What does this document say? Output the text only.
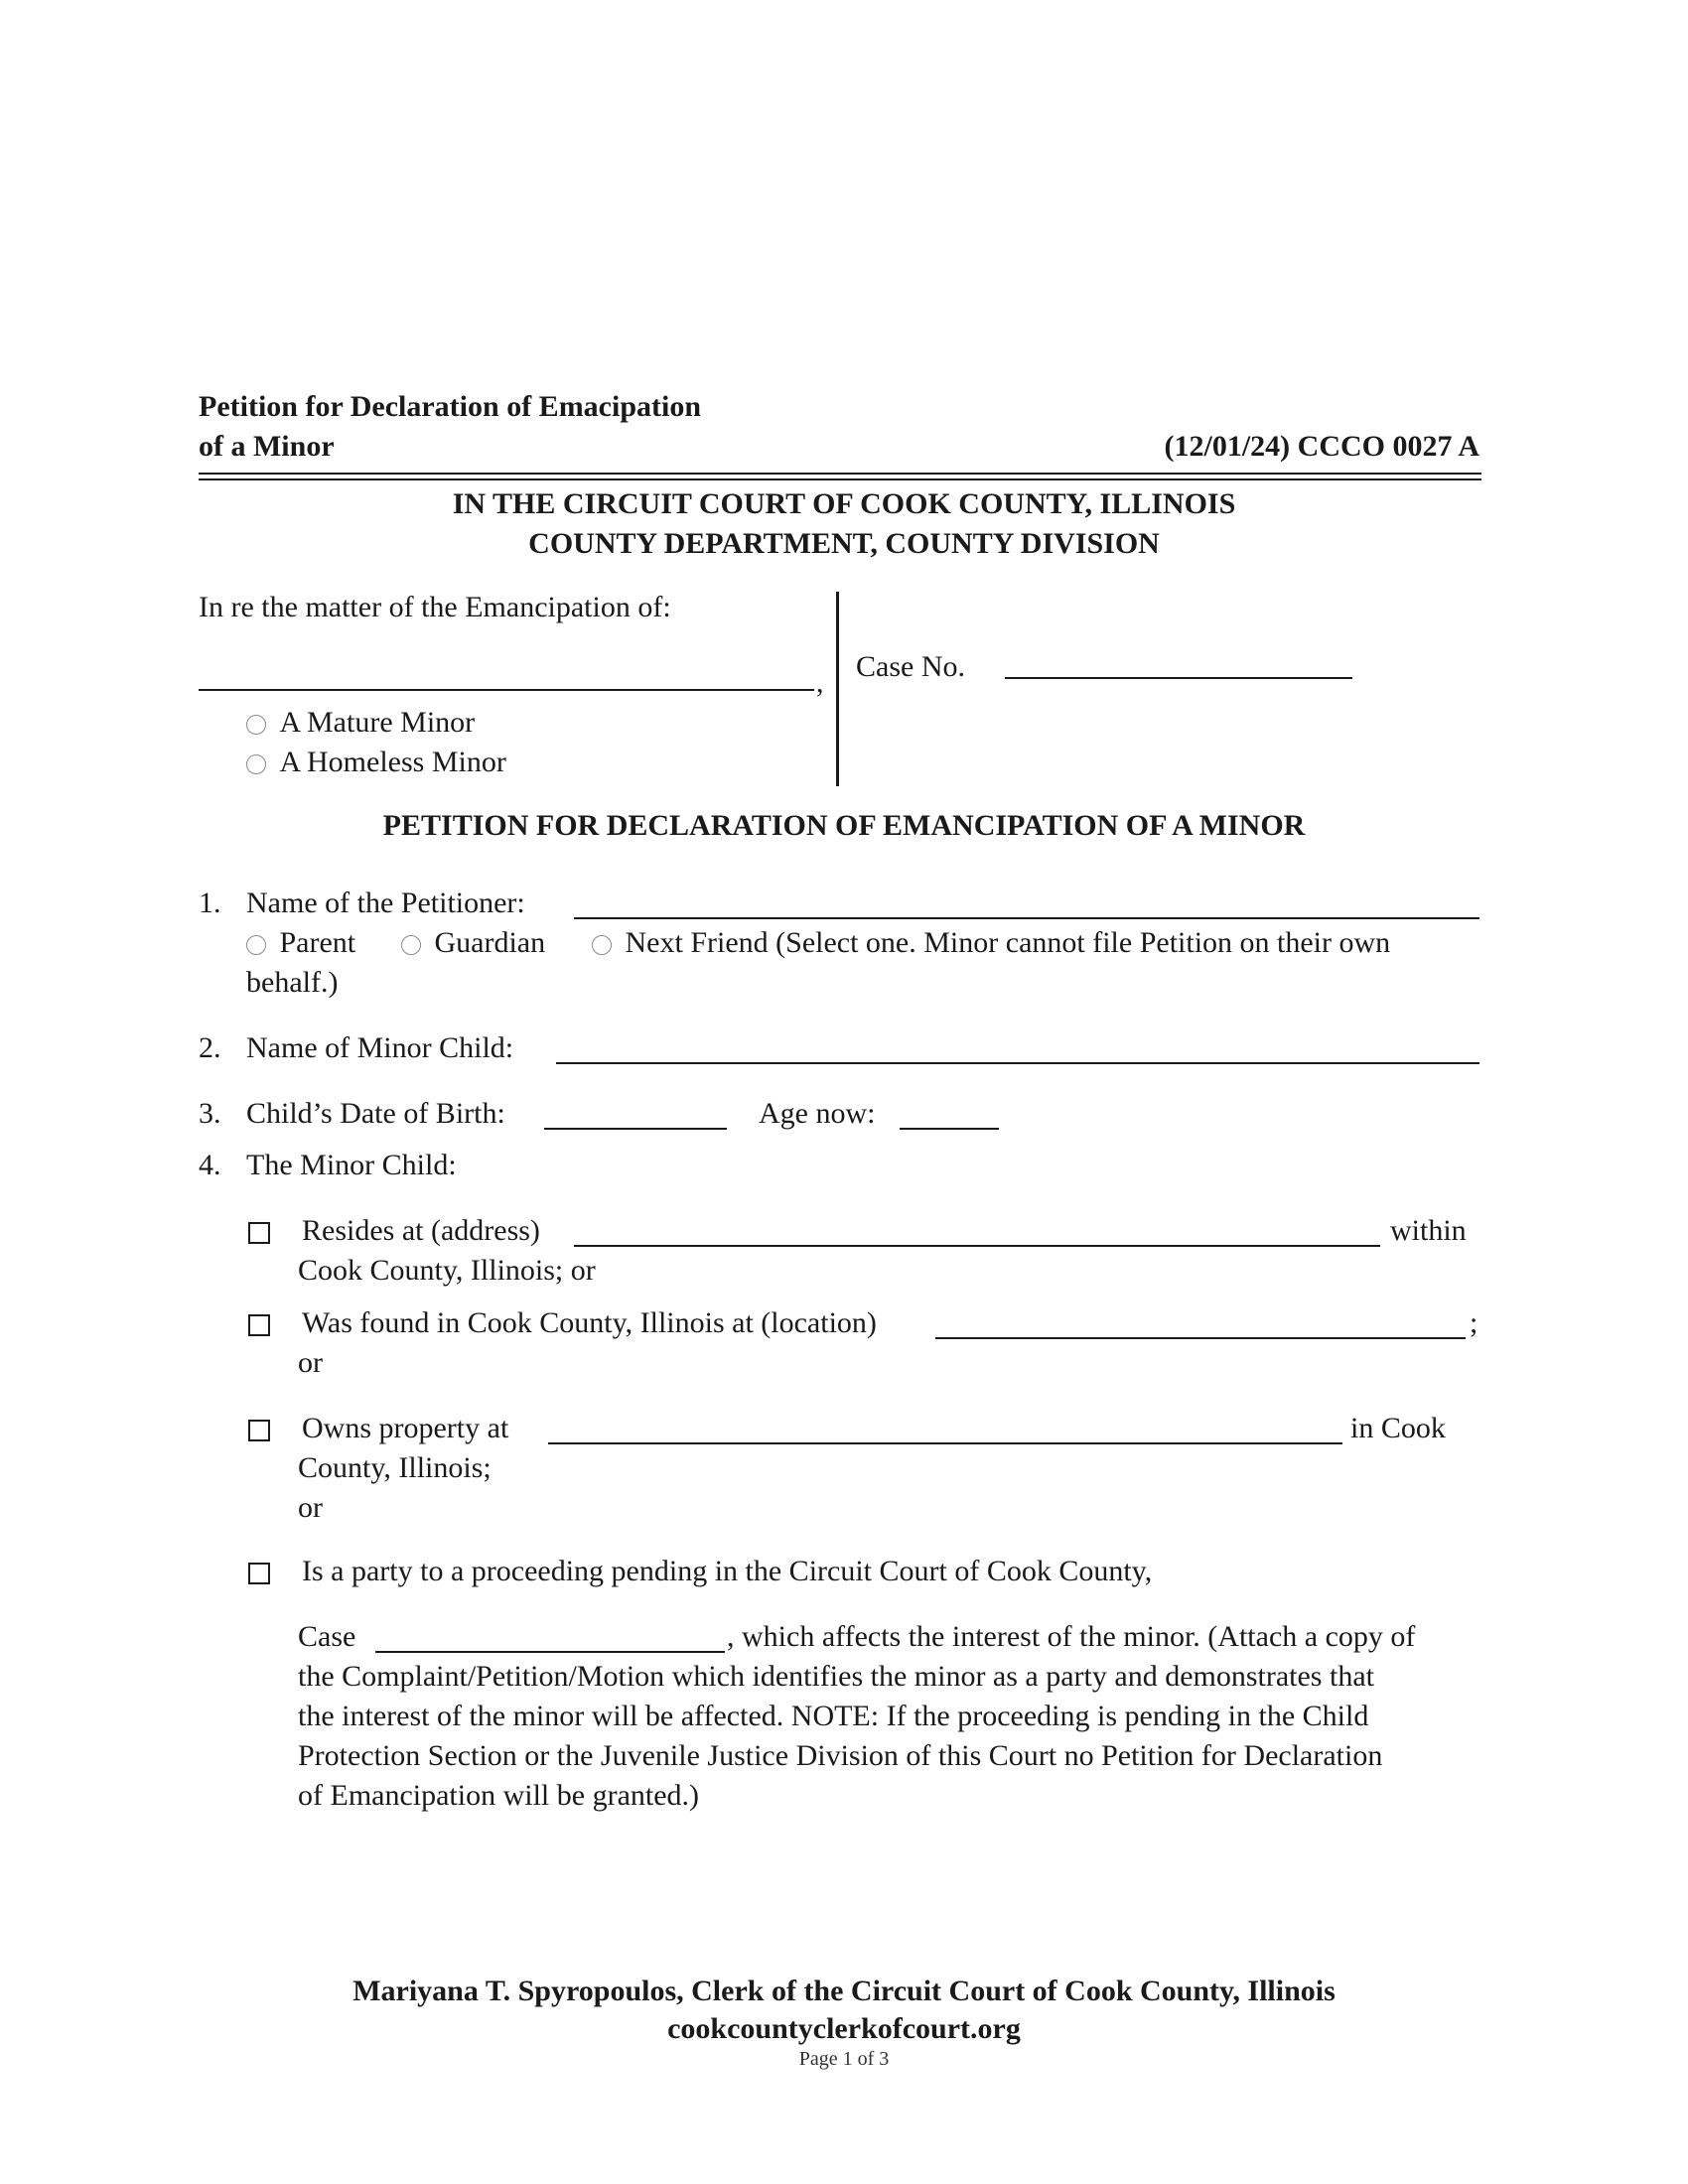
Petition for Declaration of Emacipation
of a Minor	(12/01/24) CCCO 0027 A
IN THE CIRCUIT COURT OF COOK COUNTY, ILLINOIS
COUNTY DEPARTMENT, COUNTY DIVISION
In re the matter of the Emancipation of:
,
A Mature Minor
A Homeless Minor
Case No.
PETITION FOR DECLARATION OF EMANCIPATION OF A MINOR
1. Name of the Petitioner:
Parent	Guardian	Next Friend (Select one. Minor cannot file Petition on their own
behalf.)
2. Name of Minor Child:
3. Child’s Date of Birth:	Age now:
4. The Minor Child:
Resides at (address)	within
Cook County, Illinois; or
Was found in Cook County, Illinois at (location)	;
or
Owns property at	in Cook
County, Illinois;
or
Is a party to a proceeding pending in the Circuit Court of Cook County,
Case	, which affects the interest of the minor. (Attach a copy of
the Complaint/Petition/Motion which identifies the minor as a party and demonstrates that
the interest of the minor will be affected. NOTE: If the proceeding is pending in the Child
Protection Section or the Juvenile Justice Division of this Court no Petition for Declaration
of Emancipation will be granted.)
Mariyana T. Spyropoulos, Clerk of the Circuit Court of Cook County, Illinois
cookcountyclerkofcourt.org
Page 1 of 3
